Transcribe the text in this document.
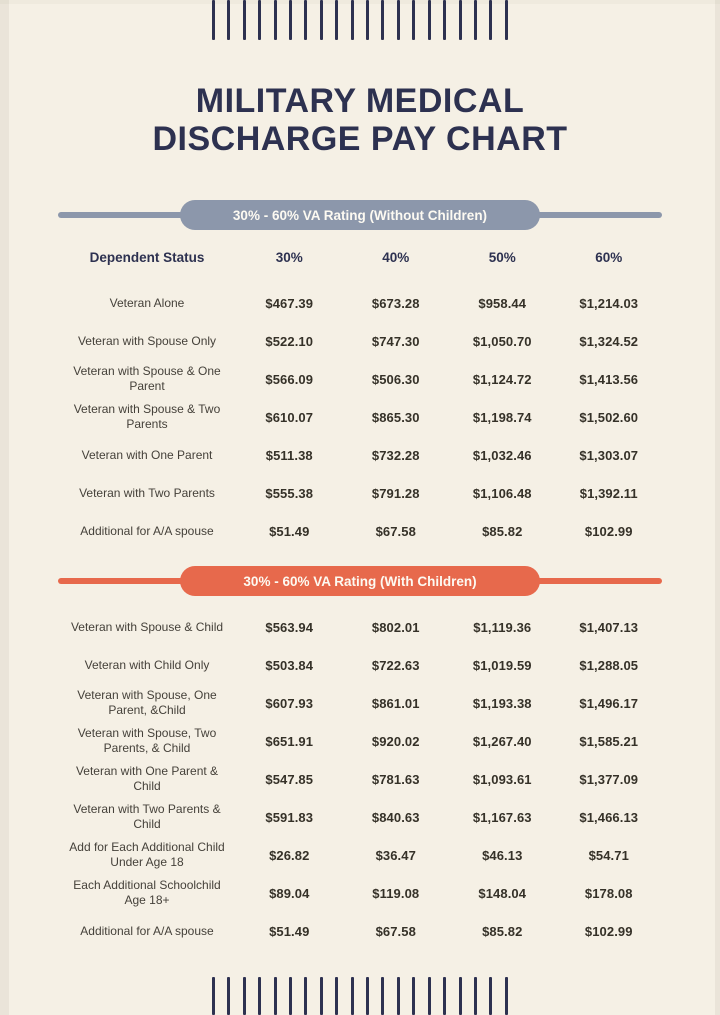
MILITARY MEDICAL
DISCHARGE PAY CHART
30% - 60% VA Rating (Without Children)
Dependent Status	30%	40%	50%	60%
Veteran Alone	$467.39	$673.28	$958.44	$1,214.03
Veteran with Spouse Only	$522.10	$747.30	$1,050.70	$1,324.52
Veteran with Spouse & One Parent	$566.09	$506.30	$1,124.72	$1,413.56
Veteran with Spouse & Two Parents	$610.07	$865.30	$1,198.74	$1,502.60
Veteran with One Parent	$511.38	$732.28	$1,032.46	$1,303.07
Veteran with Two Parents	$555.38	$791.28	$1,106.48	$1,392.11
Additional for A/A spouse	$51.49	$67.58	$85.82	$102.99
30% - 60% VA Rating (With Children)
Veteran with Spouse & Child	$563.94	$802.01	$1,119.36	$1,407.13
Veteran with Child Only	$503.84	$722.63	$1,019.59	$1,288.05
Veteran with Spouse, One Parent, &Child	$607.93	$861.01	$1,193.38	$1,496.17
Veteran with Spouse, Two Parents, & Child	$651.91	$920.02	$1,267.40	$1,585.21
Veteran with One Parent & Child	$547.85	$781.63	$1,093.61	$1,377.09
Veteran with Two Parents & Child	$591.83	$840.63	$1,167.63	$1,466.13
Add for Each Additional Child Under Age 18	$26.82	$36.47	$46.13	$54.71
Each Additional Schoolchild Age 18+	$89.04	$119.08	$148.04	$178.08
Additional for A/A spouse	$51.49	$67.58	$85.82	$102.99
